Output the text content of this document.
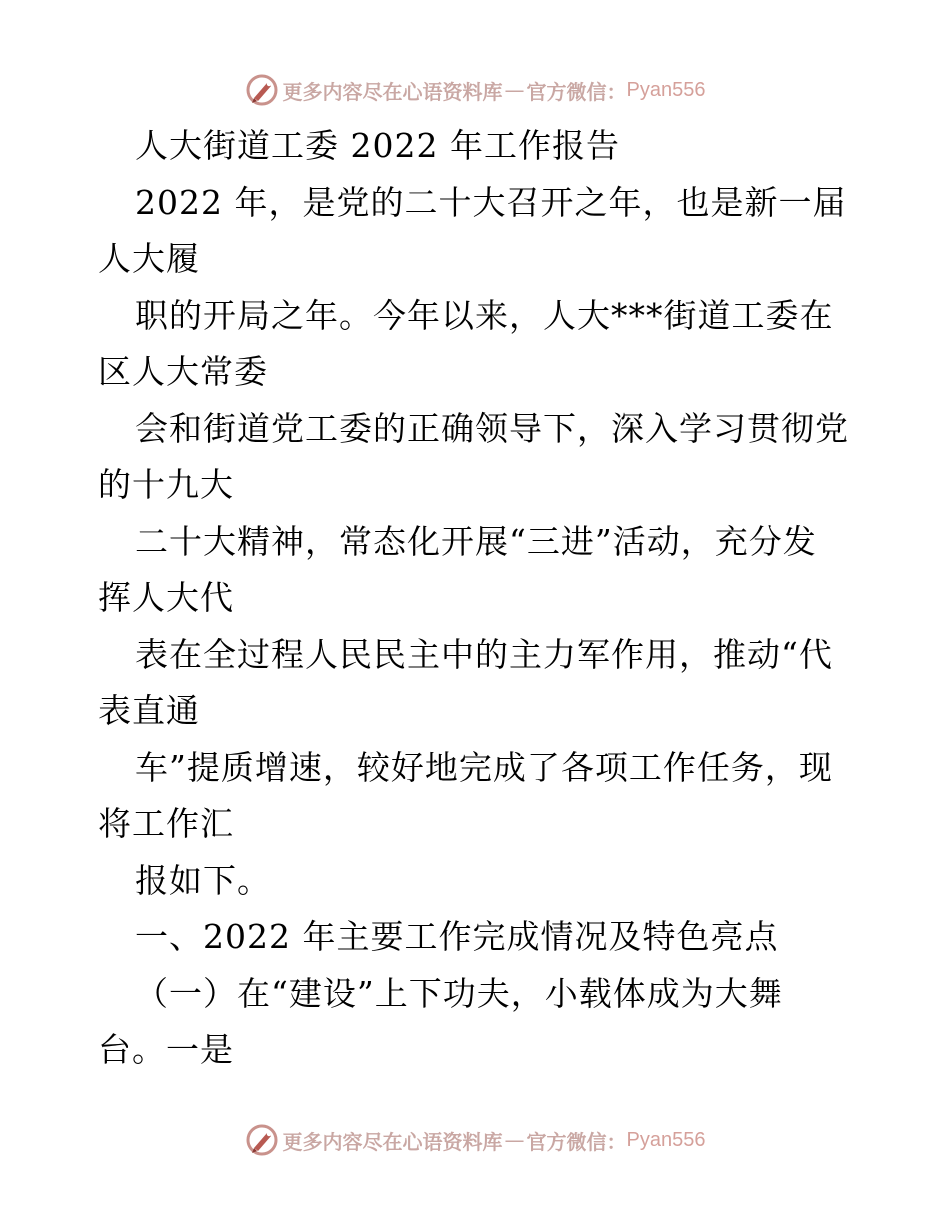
更多内容尽在心语资料库 — 官方微信： Pyan556
人大街道工委 2022 年工作报告
2022 年，是党的二十大召开之年，也是新一届
人大履
职的开局之年。今年以来，人大***街道工委在
区人大常委
会和街道党工委的正确领导下，深入学习贯彻党
的十九大
二十大精神，常态化开展“三进”活动，充分发
挥人大代
表在全过程人民民主中的主力军作用，推动“代
表直通
车”提质增速，较好地完成了各项工作任务，现
将工作汇
报如下。
一、2022 年主要工作完成情况及特色亮点
（一）在“建设”上下功夫，小载体成为大舞
台。一是
更多内容尽在心语资料库 — 官方微信： Pyan556
